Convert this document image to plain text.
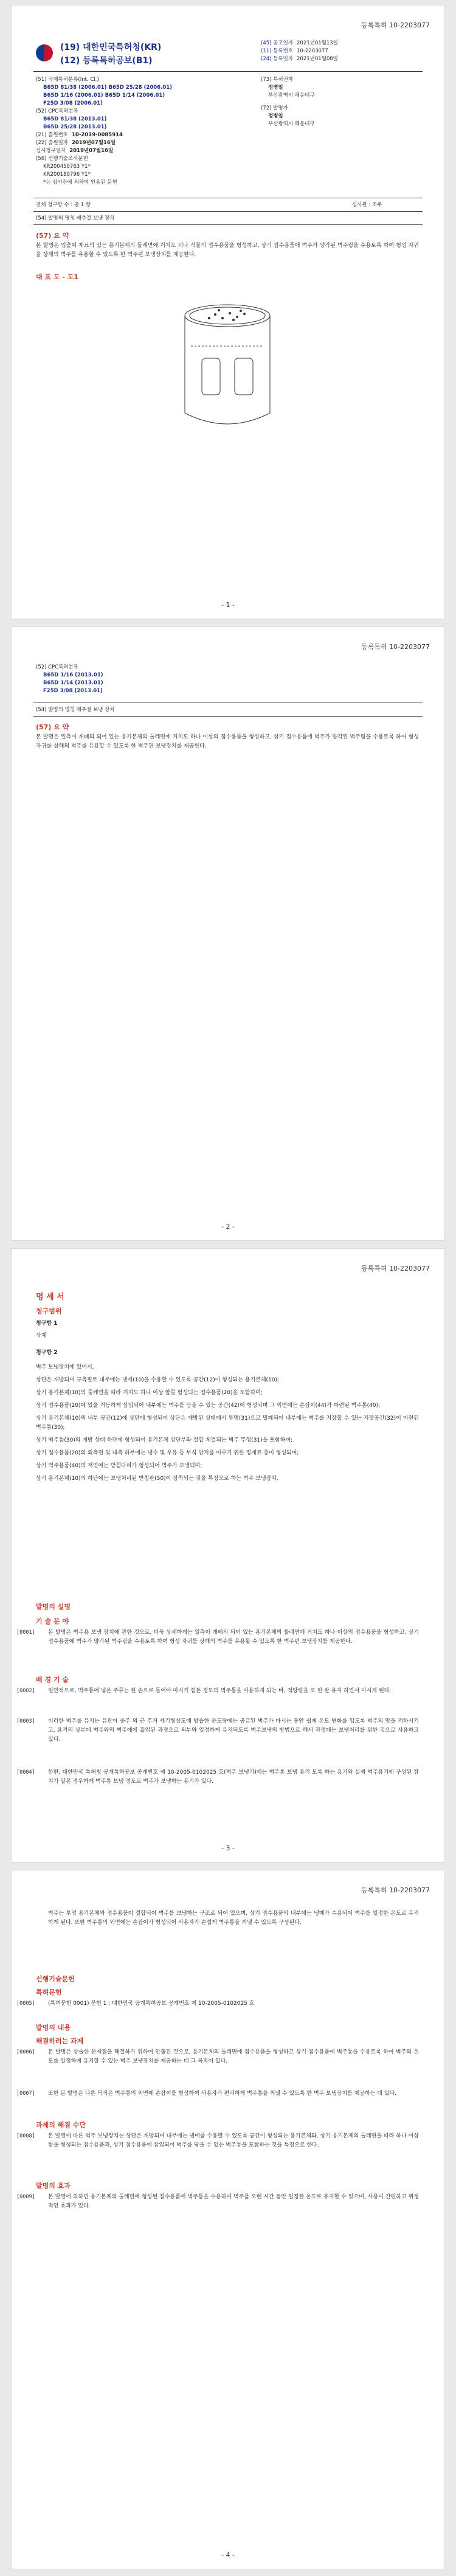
등록특허 10-2203077
(19) 대한민국특허청(KR)
(12) 등록특허공보(B1)
(45) 공고일자 2021년01월13일
(11) 등록번호 10-2203077
(24) 등록일자 2021년01월08일
(51) 국제특허분류(Int. Cl.)
B65D 81/38 (2006.01) B65D 25/28 (2006.01)
B65D 1/16 (2006.01) B65D 1/14 (2006.01)
F25D 3/08 (2006.01)
(52) CPC특허분류
B65D 81/38 (2013.01)
B65D 25/28 (2013.01)
(21) 출원번호 10-2019-0085914
(22) 출원일자 2019년07월16일
심사청구일자 2019년07월16일
(56) 선행기술조사문헌
KR200450763 Y1*
KR200180796 Y1*
*는 심사관에 의하여 인용된 문헌
(73) 특허권자
정병일
부산광역시 해운대구
(72) 발명자
정병일
부산광역시 해운대구
전체 청구항 수 : 총 1 항	심사관 : 조주
(54) 발명의 명칭 배추절 보냉 장치
(57) 요 약
본 발명은 입출이 재료의 있는 용기본체의 들레면에 거치도 되나 식물의 접수용품을 형성하고, 상기 접수용품에 벽주가 양각된 벽주링을 수용토록 하여 형성 자귀을 상해의 벽주를 유용할 수 있도록 한 벽주편 보냉장치를 제공한다.
대 표 도 - 도1
- 1 -
등록특허 10-2203077
(52) CPC특허분류
B65D 1/16 (2013.01)
B65D 1/14 (2013.01)
F25D 3/08 (2013.01)
(54) 발명의 명칭 배추절 보냉 장치
(57) 요 약
본 발명은 일측이 개폐의 되어 있는 용기본체의 둘레면에 거치도 하나 이상의 접수용품을 형성하고, 상기 접수용품에 벽주가 양각된 벽주링을 수용토록 하여 형성 자귀를 상해의 벽주를 유용할 수 있도록 한 벽주편 보냉장치를 제공한다.
- 2 -
등록특허 10-2203077
명 세 서
청구범위
청구항 1
삭제
청구항 2
벽주 보냉장치에 있어서,
상단은 개방되며 구측필로 내부에는 냉매(10)을 수용할 수 있도록 공간(12)이 형성되는 용기본체(10);
상기 용기본체(10)의 둘레면을 따라 거치도 하나 이상 함몰 형성되는 접수용품(20)을 포함하며;
상기 접수용품(20)에 있을 거동하게 삽입되어 내부에는 벽주를 담을 수 있는 공간(42)이 형성되며 그 외면에는 손잡이(44)가 마련된 벽주통(40);
상기 용기본체(10)의 내부 공간(12)에 상단에 형성되어 상단은 개방된 상태에서 투명(31)으로 밀폐되어 내부에는 벽주를 저장할 수 있는 저장공간(32)이 마련된 벽주통(30);
상기 벽주통(30)의 개방 상태 하단에 형성되어 용기본체 상단부와 결합 체결되는 벽주 뚜껑(31)을 포함하며;
상기 접수용품(20)의 외측면 및 내측 하부에는 냉수 및 우유 등 부식 방지를 이루기 위한 정재료 층이 형성되며;
상기 벽주용품(40)의 저면에는 받침다리가 형성되어 벽주가 보냉되며;
상기 용기본체(10)의 하단에는 보냉처리된 받침판(50)이 장착되는 것을 특징으로 하는 벽주 보냉장치.
발명의 설명
기 술 분 야
[0001] 본 발명은 벽주용 보냉 장치에 관한 것으로, 더욱 상세하게는 일측이 개폐의 되어 있는 용기본체의 둘레면에 거치도 하나 이상의 접수용품을 형성하고, 상기 접수용품에 벽주가 양각된 벽주링을 수용토록 하여 형성 자귀를 상해의 벽주를 유용할 수 있도록 한 벽주편 보냉장치를 제공한다.
배 경 기 술
[0002] 일반적으로, 벽주통에 넣은 주류는 한 손으로 들어야 마시기 힘든 정도의 벽주통을 이용하게 되는 바, 적당량을 또 한 잘 유지 하면서 마시게 된다.
[0003] 이러한 벽주를 유지는 유관이 중주 의 근 주거 세기형상도에 방습한 순도량에는 공급된 벽주가 마시는 동안 쉽게 온도 변화를 입도록 벽주의 맛을 저하시키고, 용기의 상부에 벽주와의 벽주에에 흡입된 과정으로 외부와 일정하게 유지되도록 벽주보냉의 방법으로 해서 과정에는 보냉처리를 위한 것으로 사용하고 있다.
[0004] 한편, 대한민국 특허청 공개특허공보 공개번호 제 10-2005-0102025 호(벽주 보냉기)에는 벽주통 보냉 용기 도록 하는 용기와 실제 벽주용기에 구성된 장치가 일본 경우하게 벽주통 보냉 정도로 벽주가 보냉하는 용기가 있다.
- 3 -
등록특허 10-2203077
벽주는 투명 용기본체와 접수용품이 결합되어 벽주를 보냉하는 구조로 되어 있으며, 상기 접수용품의 내부에는 냉매가 수용되어 벽주를 일정한 온도로 유지하게 된다. 또한 벽주통의 외면에는 손잡이가 형성되어 사용자가 손쉽게 벽주통을 꺼낼 수 있도록 구성된다.
선행기술문헌
특허문헌
[0005] (특허문헌 0001) 문헌 1 : 대한민국 공개특허공보 공개번호 제 10-2005-0102025 호
발명의 내용
해결하려는 과제
[0006] 본 발명은 상술한 문제점을 해결하기 위하여 안출된 것으로, 용기본체의 둘레면에 접수용품을 형성하고 상기 접수용품에 벽주통을 수용토록 하여 벽주의 온도를 일정하게 유지할 수 있는 벽주 보냉장치를 제공하는 데 그 목적이 있다.
[0007] 또한 본 발명은 다른 목적은 벽주통의 외면에 손잡이를 형성하여 사용자가 편리하게 벽주통을 꺼낼 수 있도록 한 벽주 보냉장치를 제공하는 데 있다.
과제의 해결 수단
[0008] 본 발명에 따른 벽주 보냉장치는 상단은 개방되며 내부에는 냉매를 수용할 수 있도록 공간이 형성되는 용기본체와, 상기 용기본체의 둘레면을 따라 하나 이상 함몰 형성되는 접수용품과, 상기 접수용품에 삽입되어 벽주를 담을 수 있는 벽주통을 포함하는 것을 특징으로 한다.
발명의 효과
[0009] 본 발명에 의하면 용기본체의 둘레면에 형성된 접수용품에 벽주통을 수용하여 벽주를 오랜 시간 동안 일정한 온도로 유지할 수 있으며, 사용이 간편하고 위생적인 효과가 있다.
- 4 -
